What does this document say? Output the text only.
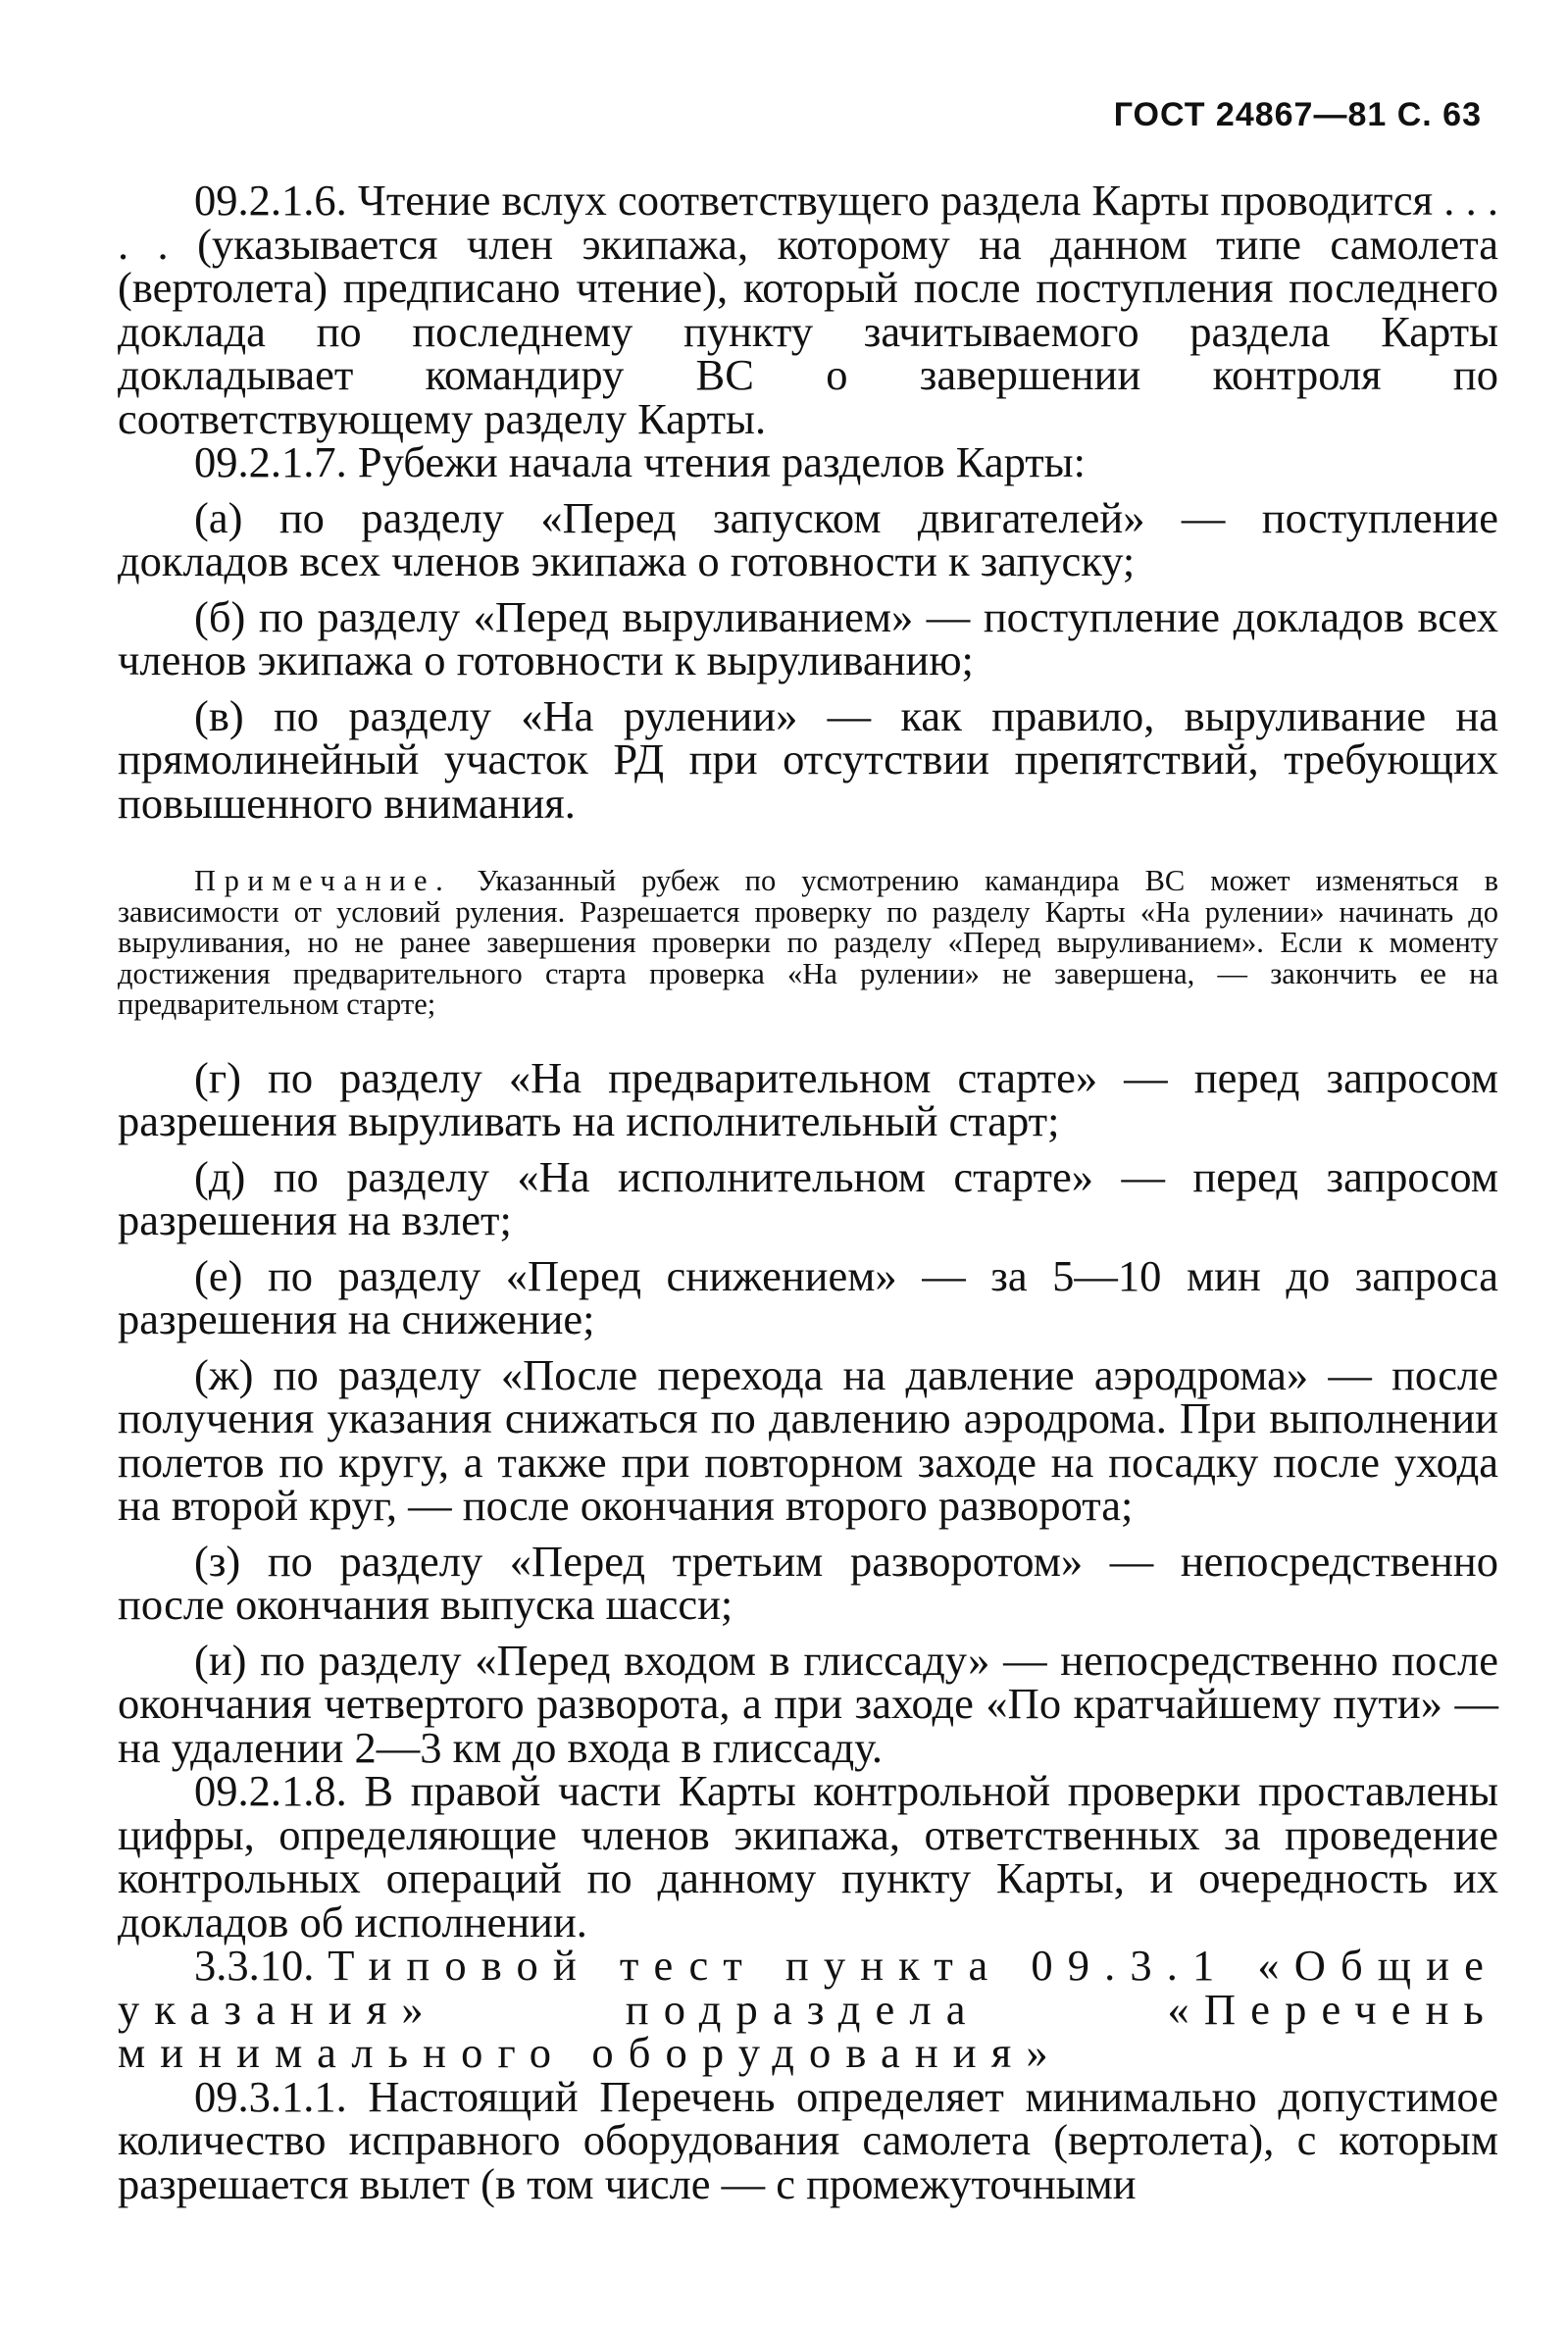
ГОСТ 24867—81 С. 63

09.2.1.6. Чтение вслух соответствущего раздела Карты проводится . . . . . (указывается член экипажа, которому на данном типе самолета (вертолета) предписано чтение), который после поступления последнего доклада по последнему пункту зачитываемого раздела Карты докладывает командиру ВС о завершении контроля по соответствующему разделу Карты.

09.2.1.7. Рубежи начала чтения разделов Карты:

(а) по разделу «Перед запуском двигателей» — поступление докладов всех членов экипажа о готовности к запуску;

(б) по разделу «Перед выруливанием» — поступление докладов всех членов экипажа о готовности к выруливанию;

(в) по разделу «На рулении» — как правило, выруливание на прямолинейный участок РД при отсутствии препятствий, требующих повышенного внимания.

Примечание. Указанный рубеж по усмотрению камандира ВС может изменяться в зависимости от условий руления. Разрешается проверку по разделу Карты «На рулении» начинать до выруливания, но не ранее завершения проверки по разделу «Перед выруливанием». Если к моменту достижения предварительного старта проверка «На рулении» не завершена, — закончить ее на предварительном старте;

(г) по разделу «На предварительном старте» — перед запросом разрешения выруливать на исполнительный старт;

(д) по разделу «На исполнительном старте» — перед запросом разрешения на взлет;

(е) по разделу «Перед снижением» — за 5—10 мин до запроса разрешения на снижение;

(ж) по разделу «После перехода на давление аэродрома» — после получения указания снижаться по давлению аэродрома. При выполнении полетов по кругу, а также при повторном заходе на посадку после ухода на второй круг, — после окончания второго разворота;

(з) по разделу «Перед третьим разворотом» — непосредственно после окончания выпуска шасси;

(и) по разделу «Перед входом в глиссаду» — непосредственно после окончания четвертого разворота, а при заходе «По кратчайшему пути» — на удалении 2—3 км до входа в глиссаду.

09.2.1.8. В правой части Карты контрольной проверки проставлены цифры, определяющие членов экипажа, ответственных за проведение контрольных операций по данному пункту Карты, и очередность их докладов об исполнении.

3.3.10. Типовой тест пункта 09.3.1 «Общие указания» подраздела «Перечень минимального оборудования»

09.3.1.1. Настоящий Перечень определяет минимально допустимое количество исправного оборудования самолета (вертолета), с которым разрешается вылет (в том числе — с промежуточными
